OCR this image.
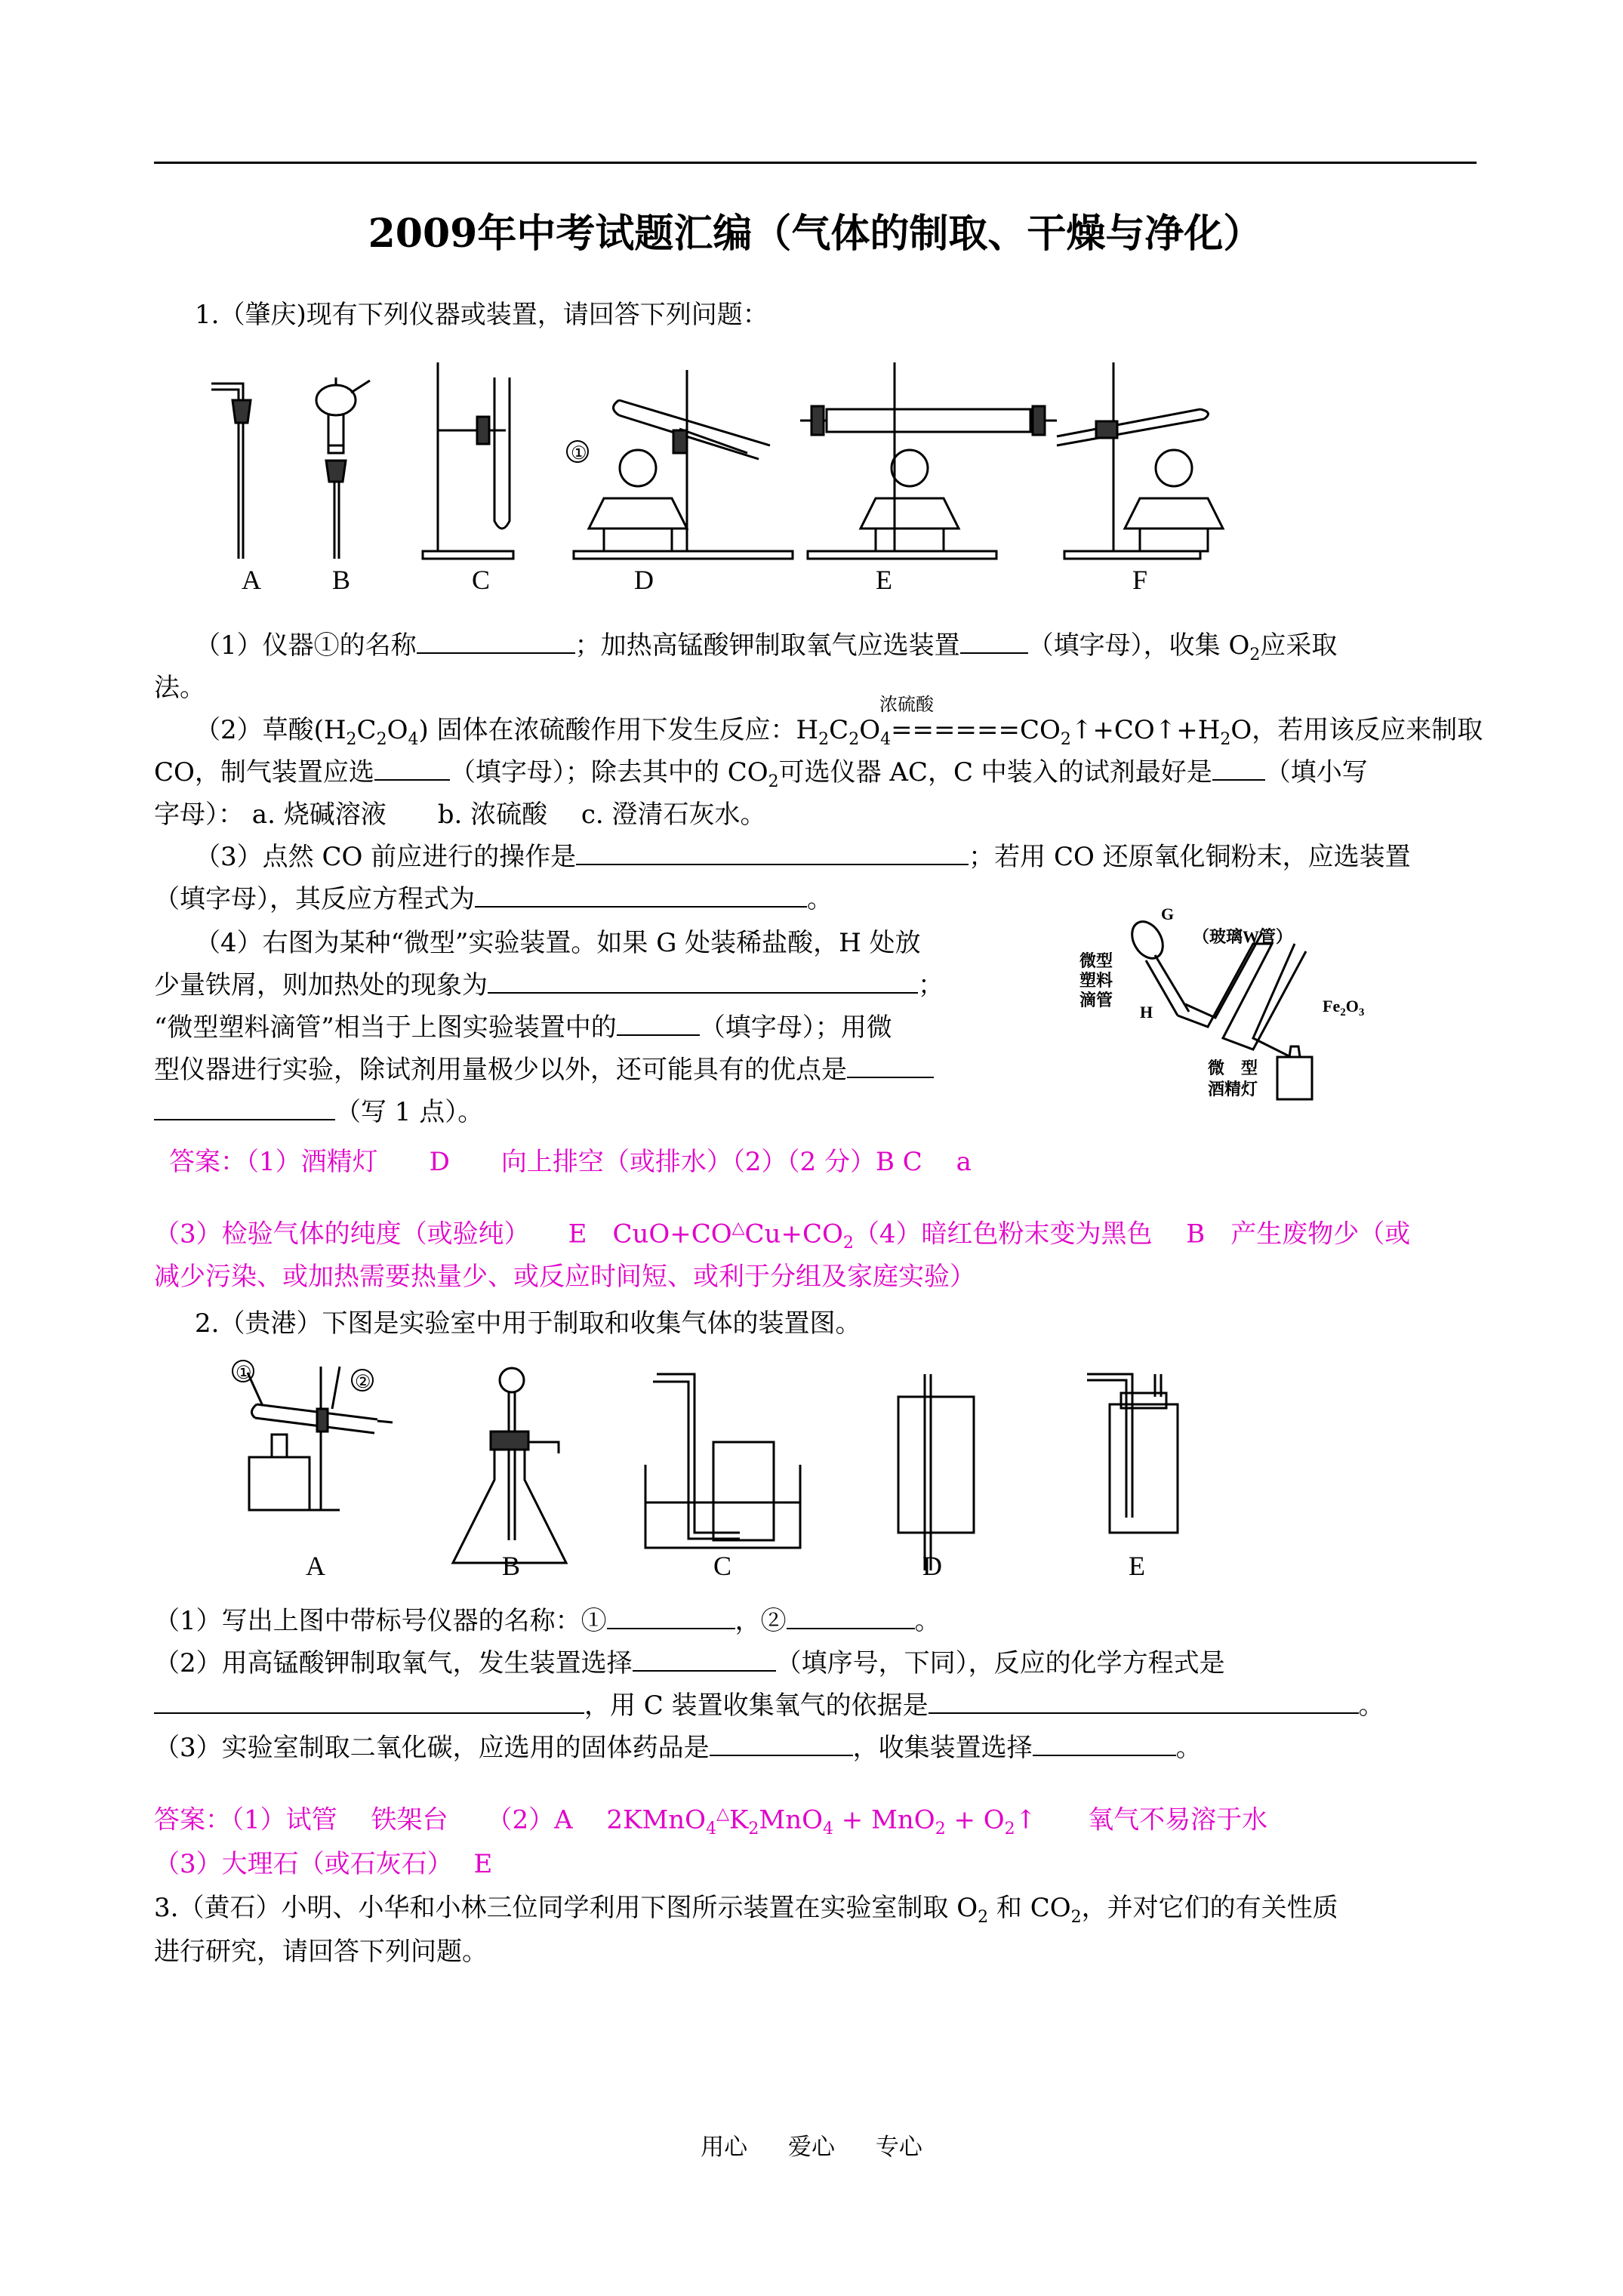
2009年中考试题汇编（气体的制取、干燥与净化）
1.（肇庆)现有下列仪器或装置，请回答下列问题：
①
A	B	C	D	E	F
（1）仪器①的名称	；加热高锰酸钾制取氧气应选装置	（填字母），收集 $O_2$应采取
法。
浓硫酸
（2）草酸$(H_2C_2O_4)$ 固体在浓硫酸作用下发生反应：$H_2C_2O_4======CO_2↑+CO↑+H_2O$，若用该反应来制取
CO，制气装置应选	（填字母）；除去其中的 $CO_2$可选仪器 AC，C 中装入的试剂最好是 （填小写
字母）： a. 烧碱溶液　　b. 浓硫酸　 c. 澄清石灰水。
（3）点然 CO 前应进行的操作是	；若用 CO 还原氧化铜粉末，应选装置
（填字母），其反应方程式为	。
（4）右图为某种“微型”实验装置。如果 G 处装稀盐酸，H 处放
少量铁屑，则加热处的现象为	；
“微型塑料滴管”相当于上图实验装置中的	（填字母）；用微
型仪器进行实验，除试剂用量极少以外，还可能具有的优点是
（写 1 点）。
G
（玻璃W管）
微型
塑料
滴管
H	$Fe_2O_3$
微　型
酒精灯
答案：（1）酒精灯　　D　　向上排空（或排水）（2）（2 分）B C　 a
（3）检验气体的纯度（或验纯）　　E　$CuO+CO^\triangle Cu+CO_2(4)$暗红色粉末变为黑色　 B　产生废物少（或
减少污染、或加热需要热量少、或反应时间短、或利于分组及家庭实验）
2.（贵港）下图是实验室中用于制取和收集气体的装置图。
①	②
A	B	C	D	E
（1）写出上图中带标号仪器的名称：①	，②	。
（2）用高锰酸钾制取氧气，发生装置选择	（填序号，下同），反应的化学方程式是
，用 C 装置收集氧气的依据是	。
（3）实验室制取二氧化碳，应选用的固体药品是	，收集装置选择	。
答案：（1）试管　 铁架台　　（2）A　 $2KMnO_4^\triangle K_2MnO_4 + MnO_2$ + $O_2↑$　　氧气不易溶于水
（3）大理石（或石灰石）　 E
3.（黄石）小明、小华和小林三位同学利用下图所示装置在实验室制取 $O_2$ 和 $CO_2$，并对它们的有关性质
进行研究，请回答下列问题。
用心 爱心 专心
